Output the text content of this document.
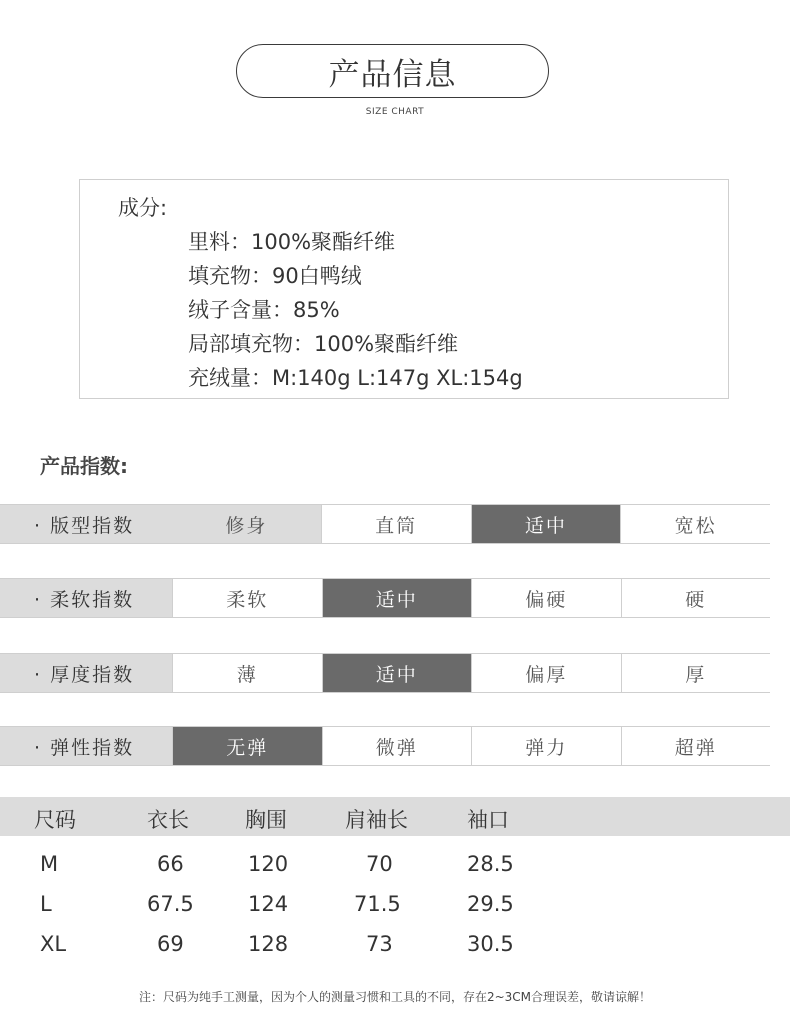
产品信息
SIZE CHART
成分:
里料：100%聚酯纤维
填充物：90白鸭绒
绒子含量：85%
局部填充物：100%聚酯纤维
充绒量：M:140g L:147g XL:154g
产品指数:
· 版型指数	修身	直筒	适中	宽松
· 柔软指数	柔软	适中	偏硬	硬
· 厚度指数	薄	适中	偏厚	厚
· 弹性指数	无弹	微弹	弹力	超弹
尺码	衣长	胸围	肩袖长	袖口
M	66	120	70	28.5
L	67.5	124	71.5	29.5
XL	69	128	73	30.5
注：尺码为纯手工测量，因为个人的测量习惯和工具的不同，存在2~3CM合理误差，敬请谅解！
